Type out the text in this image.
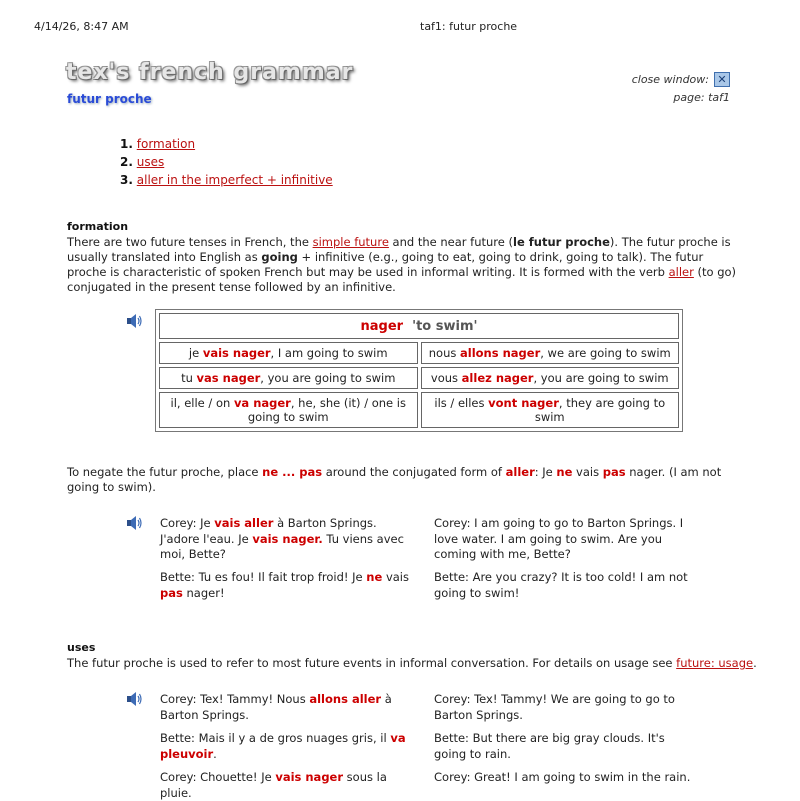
4/14/26, 8:47 AM	taf1: futur proche
tex's french grammar
futur proche
close window: ✕
page: taf1
1. formation
2. uses
3. aller in the imperfect + infinitive
formation
There are two future tenses in French, the simple future and the near future (le futur proche). The futur proche is usually translated into English as going + infinitive (e.g., going to eat, going to drink, going to talk). The futur proche is characteristic of spoken French but may be used in informal writing. It is formed with the verb aller (to go) conjugated in the present tense followed by an infinitive.
nager 'to swim'	
je vais nager, I am going to swim	nous allons nager, we are going to swim
tu vas nager, you are going to swim	vous allez nager, you are going to swim
il, elle / on va nager, he, she (it) / one is going to swim	ils / elles vont nager, they are going to swim
To negate the futur proche, place ne ... pas around the conjugated form of aller: Je ne vais pas nager. (I am not going to swim).
Corey: Je vais aller à Barton Springs. J'adore l'eau. Je vais nager. Tu viens avec moi, Bette?
Corey: I am going to go to Barton Springs. I love water. I am going to swim. Are you coming with me, Bette?
Bette: Tu es fou! Il fait trop froid! Je ne vais pas nager!
Bette: Are you crazy? It is too cold! I am not going to swim!
uses
The futur proche is used to refer to most future events in informal conversation. For details on usage see future: usage.
Corey: Tex! Tammy! Nous allons aller à Barton Springs.
Corey: Tex! Tammy! We are going to go to Barton Springs.
Bette: Mais il y a de gros nuages gris, il va pleuvoir.
Bette: But there are big gray clouds. It's going to rain.
Corey: Chouette! Je vais nager sous la pluie.
Corey: Great! I am going to swim in the rain.
